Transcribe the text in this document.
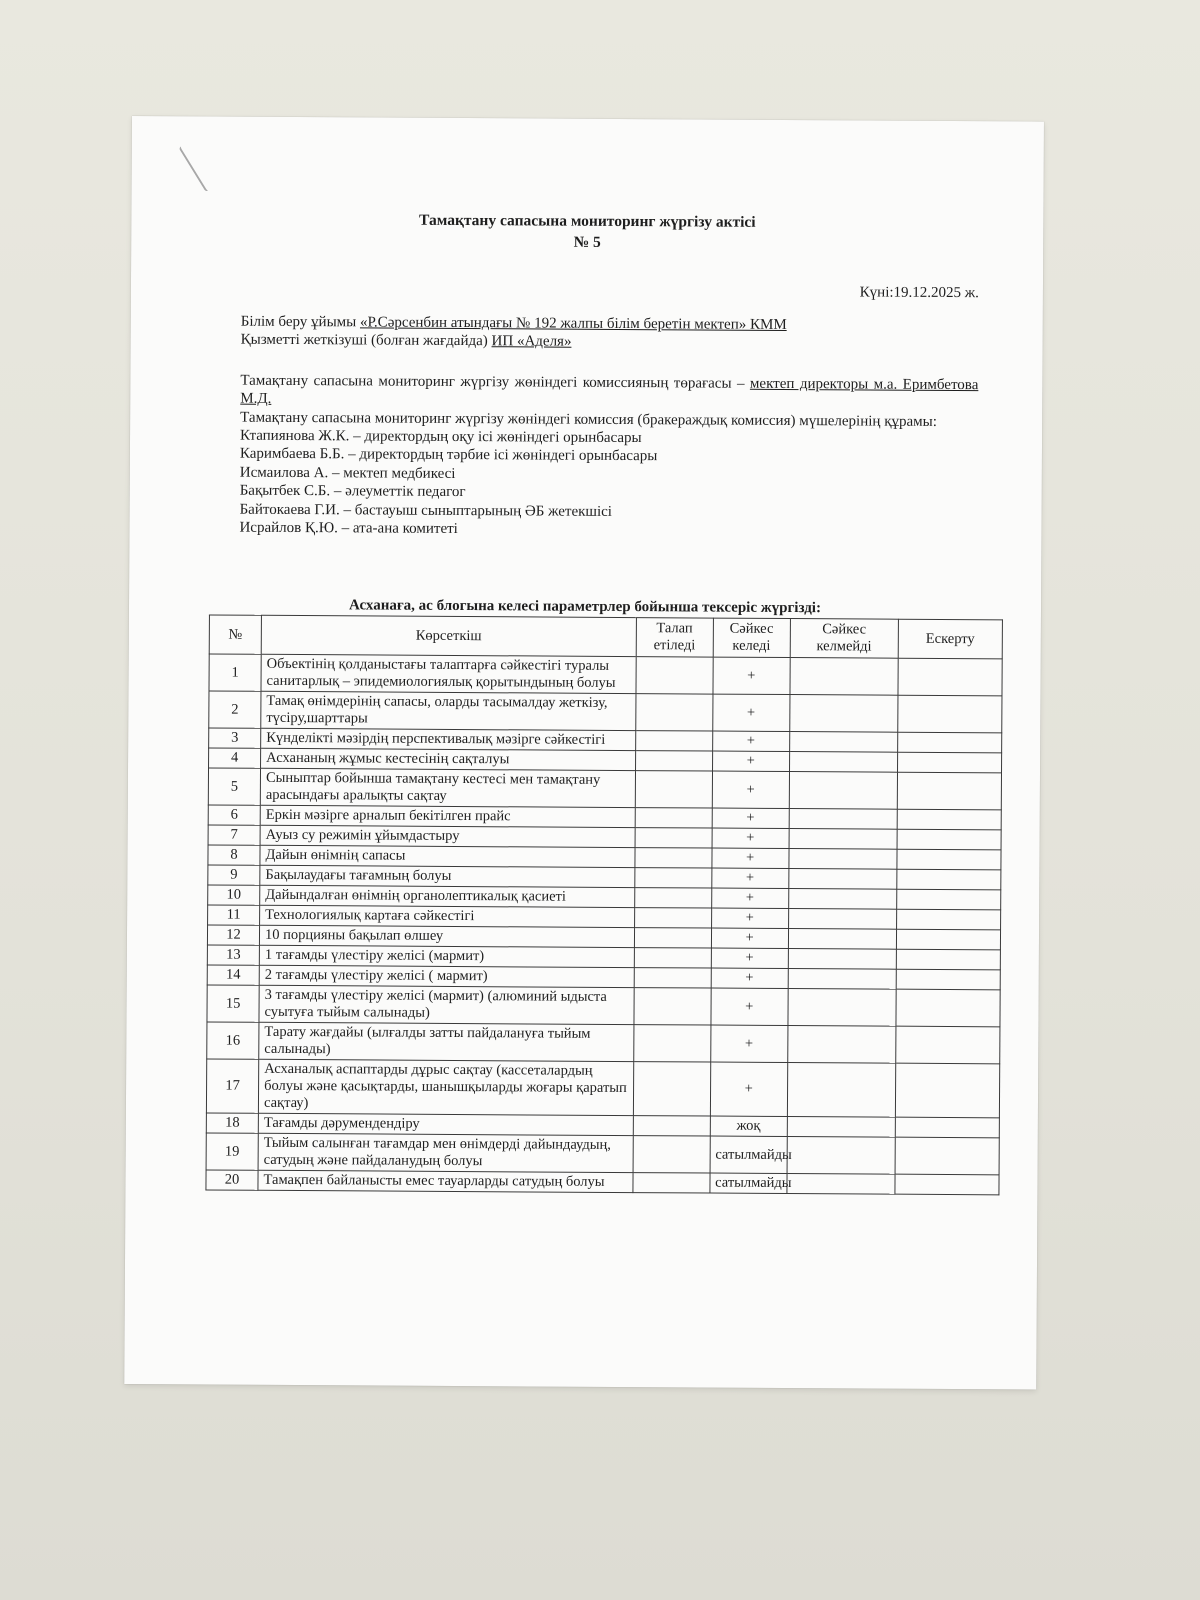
Тамақтану сапасына мониторинг жүргізу актісі
№ 5
Күні:19.12.2025 ж.

Білім беру ұйымы «Р.Сәрсенбин атындағы № 192 жалпы білім беретін мектеп» КММ

Қызметті жеткізуші (болған жағдайда) ИП «Аделя»

Тамақтану сапасына мониторинг жүргізу жөніндегі комиссияның төрағасы – мектеп директоры м.а. Еримбетова М.Д.

Тамақтану сапасына мониторинг жүргізу жөніндегі комиссия (бракераждық комиссия) мүшелерінің құрамы:

Ктапиянова Ж.К. – директордың оқу ісі жөніндегі орынбасары

Каримбаева Б.Б. – директордың тәрбие ісі жөніндегі орынбасары

Исмаилова А. – мектеп медбикесі

Бақытбек С.Б. – әлеуметтік педагог

Байтокаева Г.И. – бастауыш сыныптарының ӘБ жетекшісі

Исрайлов Қ.Ю. – ата-ана комитеті

Асханаға, ас блогына келесі параметрлер бойынша тексеріс жүргізді:
№	Көрсеткіш	Талап етіледі	Сәйкес келеді	Сәйкес келмейді	Ескерту
1	Объектінің қолданыстағы талаптарға сәйкестігі туралы санитарлық – эпидемиологиялық қорытындының болуы		+		
2	Тамақ өнімдерінің сапасы, оларды тасымалдау жеткізу, түсіру,шарттары		+		
3	Күнделікті мәзірдің перспективалық мәзірге сәйкестігі		+		
4	Асхананың жұмыс кестесінің сақталуы		+		
5	Сыныптар бойынша тамақтану кестесі мен тамақтану арасындағы аралықты сақтау		+		
6	Еркін мәзірге арналып бекітілген прайс		+		
7	Ауыз су режимін ұйымдастыру		+		
8	Дайын өнімнің сапасы		+		
9	Бақылаудағы тағамның болуы		+		
10	Дайындалған өнімнің органолептикалық қасиеті		+		
11	Технологиялық картаға сәйкестігі		+		
12	10 порцияны бақылап өлшеу		+		
13	1 тағамды үлестіру желісі (мармит)		+		
14	2 тағамды үлестіру желісі ( мармит)		+		
15	3 тағамды үлестіру желісі (мармит) (алюминий ыдыста суытуға тыйым салынады)		+		
16	Тарату жағдайы (ылғалды затты пайдалануға тыйым салынады)		+		
17	Асханалық аспаптарды дұрыс сақтау (кассеталардың болуы және қасықтарды, шанышқыларды жоғары қаратып сақтау)		+		
18	Тағамды дәрумендендіру		жоқ		
19	Тыйым салынған тағамдар мен өнімдерді дайындаудың, сатудың және пайдаланудың болуы		сатылмайды		
20	Тамақпен байланысты емес тауарларды сатудың болуы		сатылмайды		
